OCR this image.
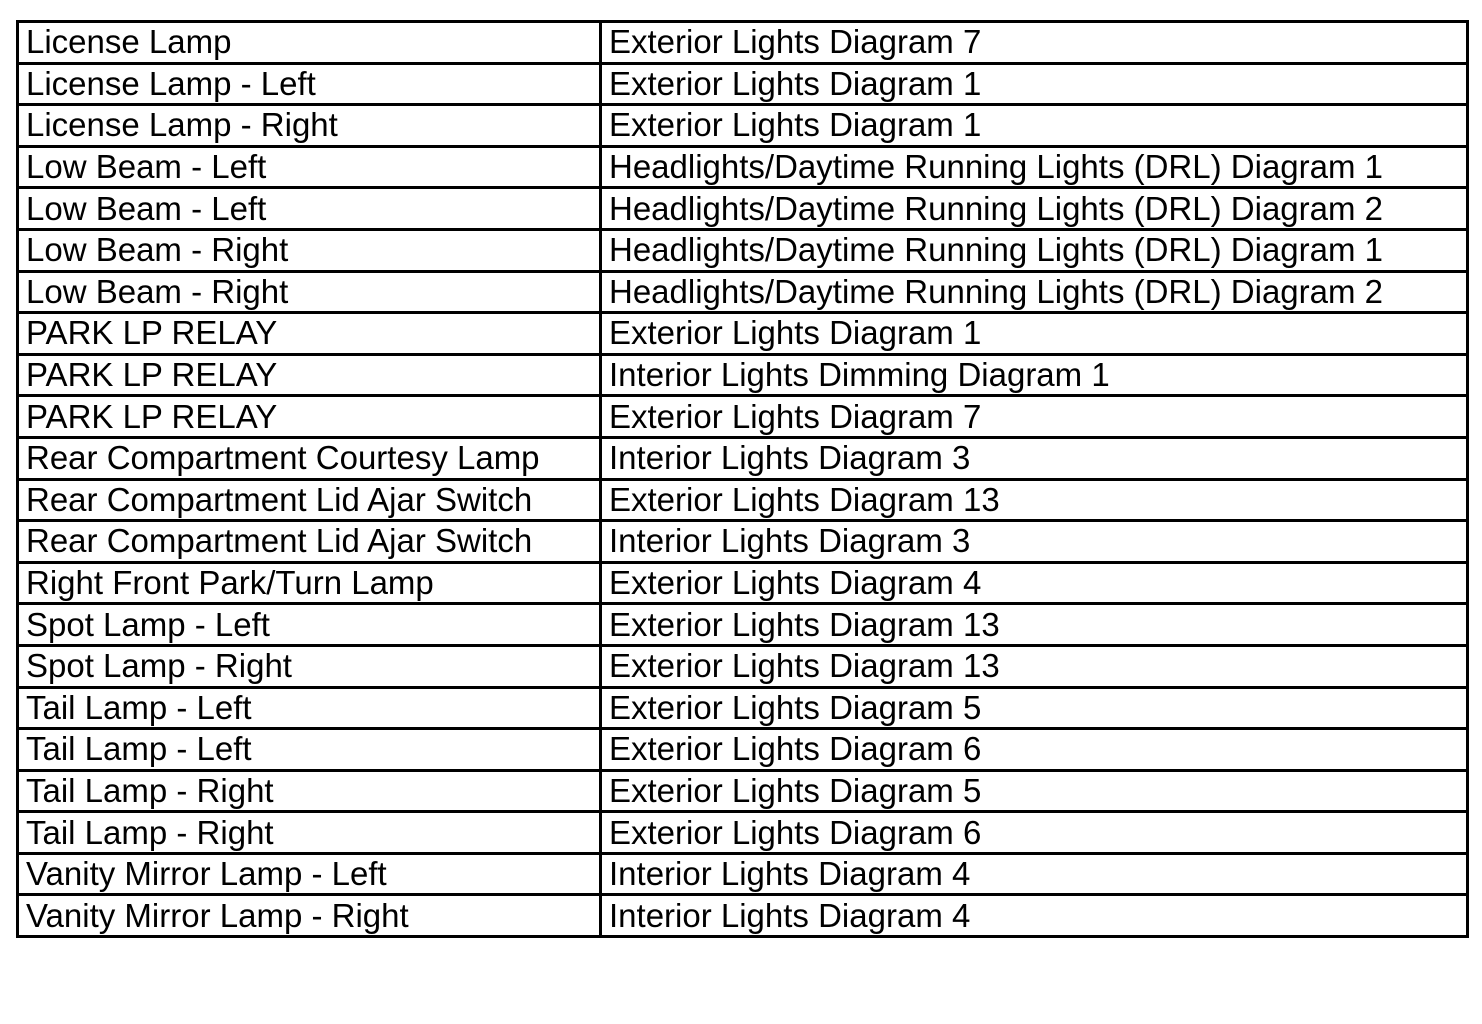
License Lamp	Exterior Lights Diagram 7
License Lamp - Left	Exterior Lights Diagram 1
License Lamp - Right	Exterior Lights Diagram 1
Low Beam - Left	Headlights/Daytime Running Lights (DRL) Diagram 1
Low Beam - Left	Headlights/Daytime Running Lights (DRL) Diagram 2
Low Beam - Right	Headlights/Daytime Running Lights (DRL) Diagram 1
Low Beam - Right	Headlights/Daytime Running Lights (DRL) Diagram 2
PARK LP RELAY	Exterior Lights Diagram 1
PARK LP RELAY	Interior Lights Dimming Diagram 1
PARK LP RELAY	Exterior Lights Diagram 7
Rear Compartment Courtesy Lamp	Interior Lights Diagram 3
Rear Compartment Lid Ajar Switch	Exterior Lights Diagram 13
Rear Compartment Lid Ajar Switch	Interior Lights Diagram 3
Right Front Park/Turn Lamp	Exterior Lights Diagram 4
Spot Lamp - Left	Exterior Lights Diagram 13
Spot Lamp - Right	Exterior Lights Diagram 13
Tail Lamp - Left	Exterior Lights Diagram 5
Tail Lamp - Left	Exterior Lights Diagram 6
Tail Lamp - Right	Exterior Lights Diagram 5
Tail Lamp - Right	Exterior Lights Diagram 6
Vanity Mirror Lamp - Left	Interior Lights Diagram 4
Vanity Mirror Lamp - Right	Interior Lights Diagram 4
